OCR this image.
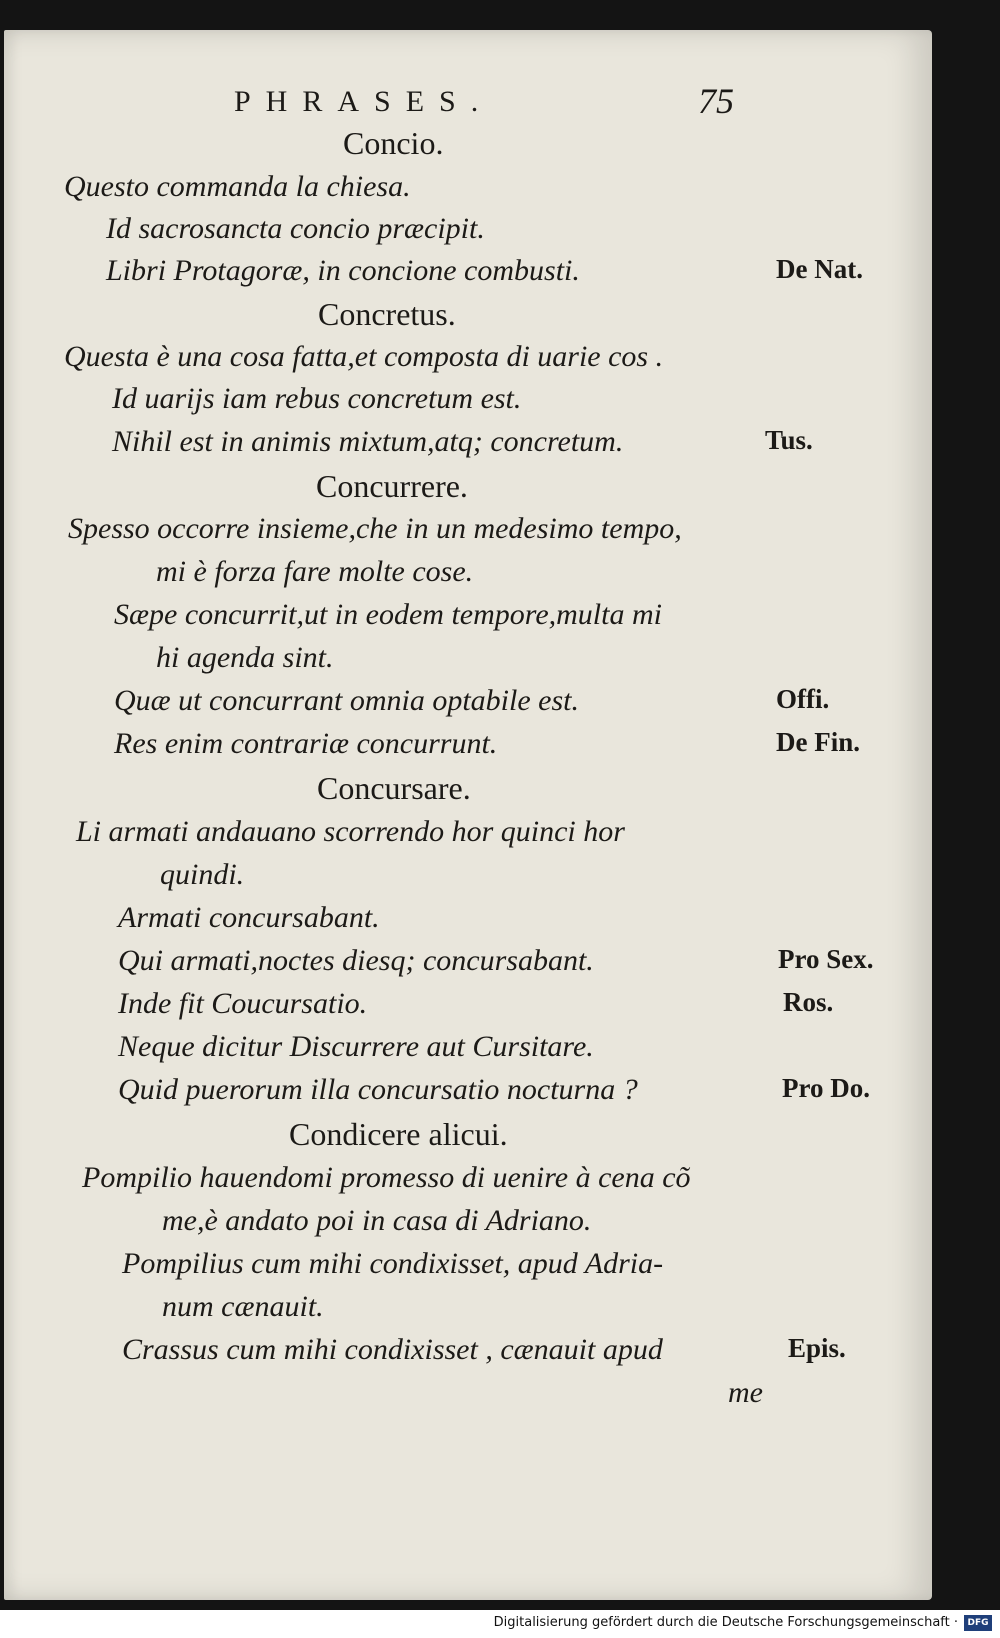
PHRASES.	75
Concio.
Questo commanda la chiesa.
Id sacrosancta concio præcipit.
Libri Protagoræ, in concione combusti.	De Nat.
Concretus.
Questa è una cosa fatta,et composta di uarie cos .
Id uarijs iam rebus concretum est.
Nihil est in animis mixtum,atq; concretum.	Tus.
Concurrere.
Spesso occorre insieme,che in un medesimo tempo,
mi è forza fare molte cose.
Sæpe concurrit,ut in eodem tempore,multa mi
hi agenda sint.
Quæ ut concurrant omnia optabile est.	Offi.
Res enim contrariæ concurrunt.	De Fin.
Concursare.
Li armati andauano scorrendo hor quinci hor
quindi.
Armati concursabant.
Qui armati,noctes diesq; concursabant.	Pro Sex.
Inde fit Coucursatio.	Ros.
Neque dicitur Discurrere aut Cursitare.
Quid puerorum illa concursatio nocturna ?	Pro Do.
Condicere alicui.
Pompilio hauendomi promesso di uenire à cena cõ
me,è andato poi in casa di Adriano.
Pompilius cum mihi condixisset, apud Adria-
num cænauit.
Crassus cum mihi condixisset , cænauit apud	Epis.
me
Digitalisierung gefördert durch die Deutsche Forschungsgemeinschaft ·	DFG
